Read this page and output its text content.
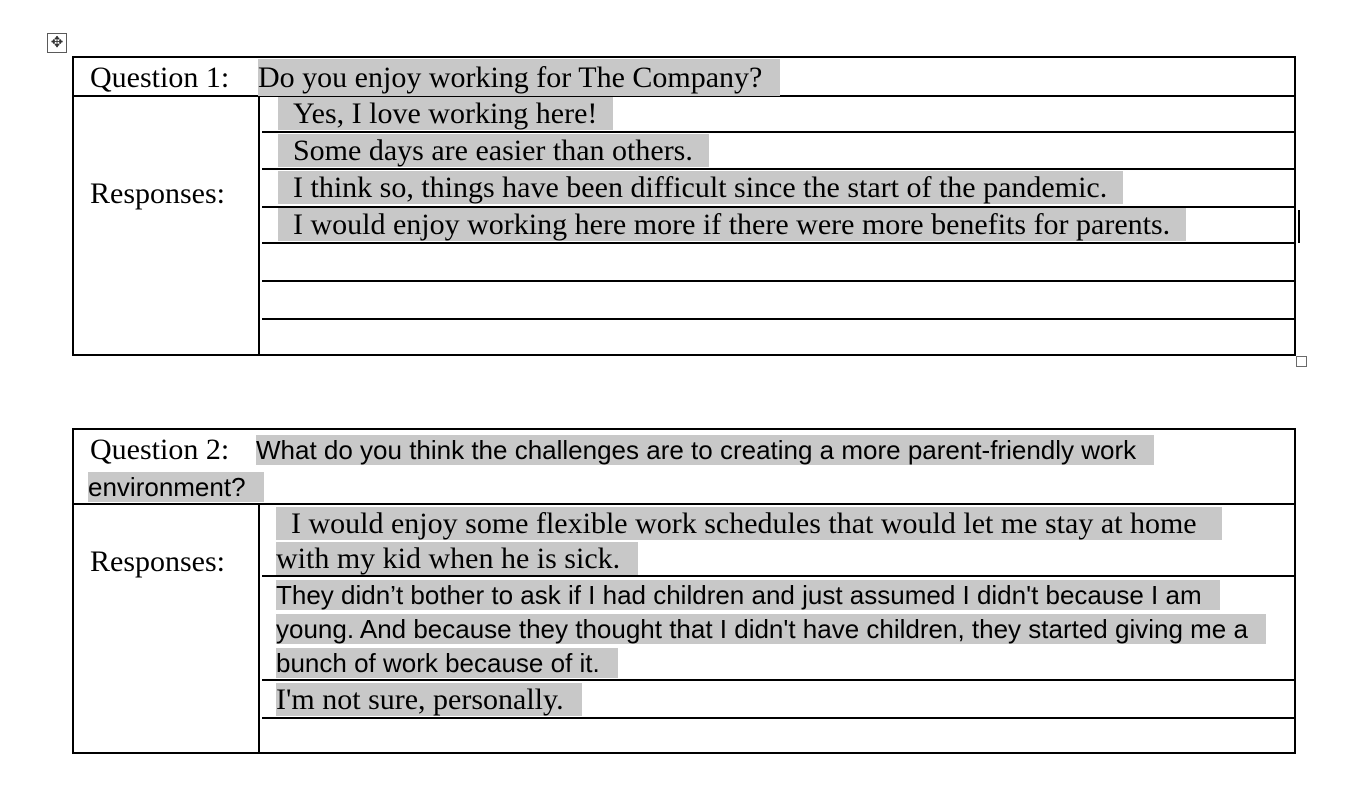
✥
Question 1: Do you enjoy working for The Company?
Responses:
Yes, I love working here!
Some days are easier than others.
I think so, things have been difficult since the start of the pandemic.
I would enjoy working here more if there were more benefits for parents.
Question 2:	What do you think the challenges are to creating a more parent-friendly work environment?
Responses:
I would enjoy some flexible work schedules that would let me stay at home with my kid when he is sick.
They didn’t bother to ask if I had children and just assumed I didn't because I am young. And because they thought that I didn't have children, they started giving me a bunch of work because of it.
I'm not sure, personally.
